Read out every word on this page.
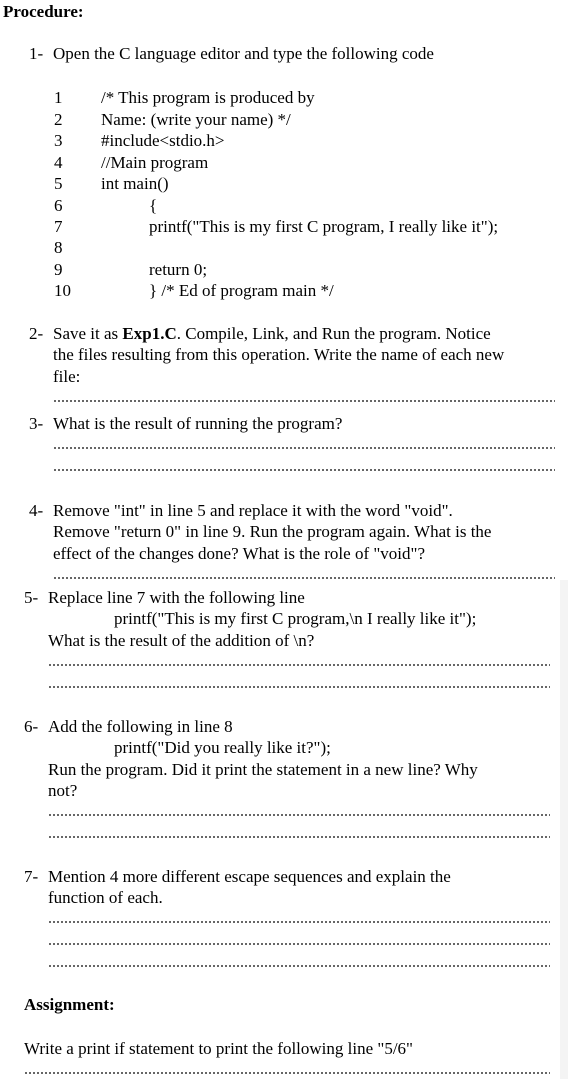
Procedure:
1- Open the C language editor and type the following code
1 /* This program is produced by
2 Name: (write your name) */
3 #include<stdio.h>
4 //Main program
5 int main()
6	{
7	printf("This is my first C program, I really like it");
8
9	return 0;
10	} /* Ed of program main */
2- Save it as Exp1.C. Compile, Link, and Run the program. Notice
the files resulting from this operation. Write the name of each new
file:
3- What is the result of running the program?
4- Remove "int" in line 5 and replace it with the word "void".
Remove "return 0" in line 9. Run the program again. What is the
effect of the changes done? What is the role of "void"?
5- Replace line 7 with the following line
printf("This is my first C program,\n I really like it");
What is the result of the addition of \n?
6- Add the following in line 8
printf("Did you really like it?");
Run the program. Did it print the statement in a new line? Why
not?
7- Mention 4 more different escape sequences and explain the
function of each.
Assignment:
Write a print if statement to print the following line "5/6"
